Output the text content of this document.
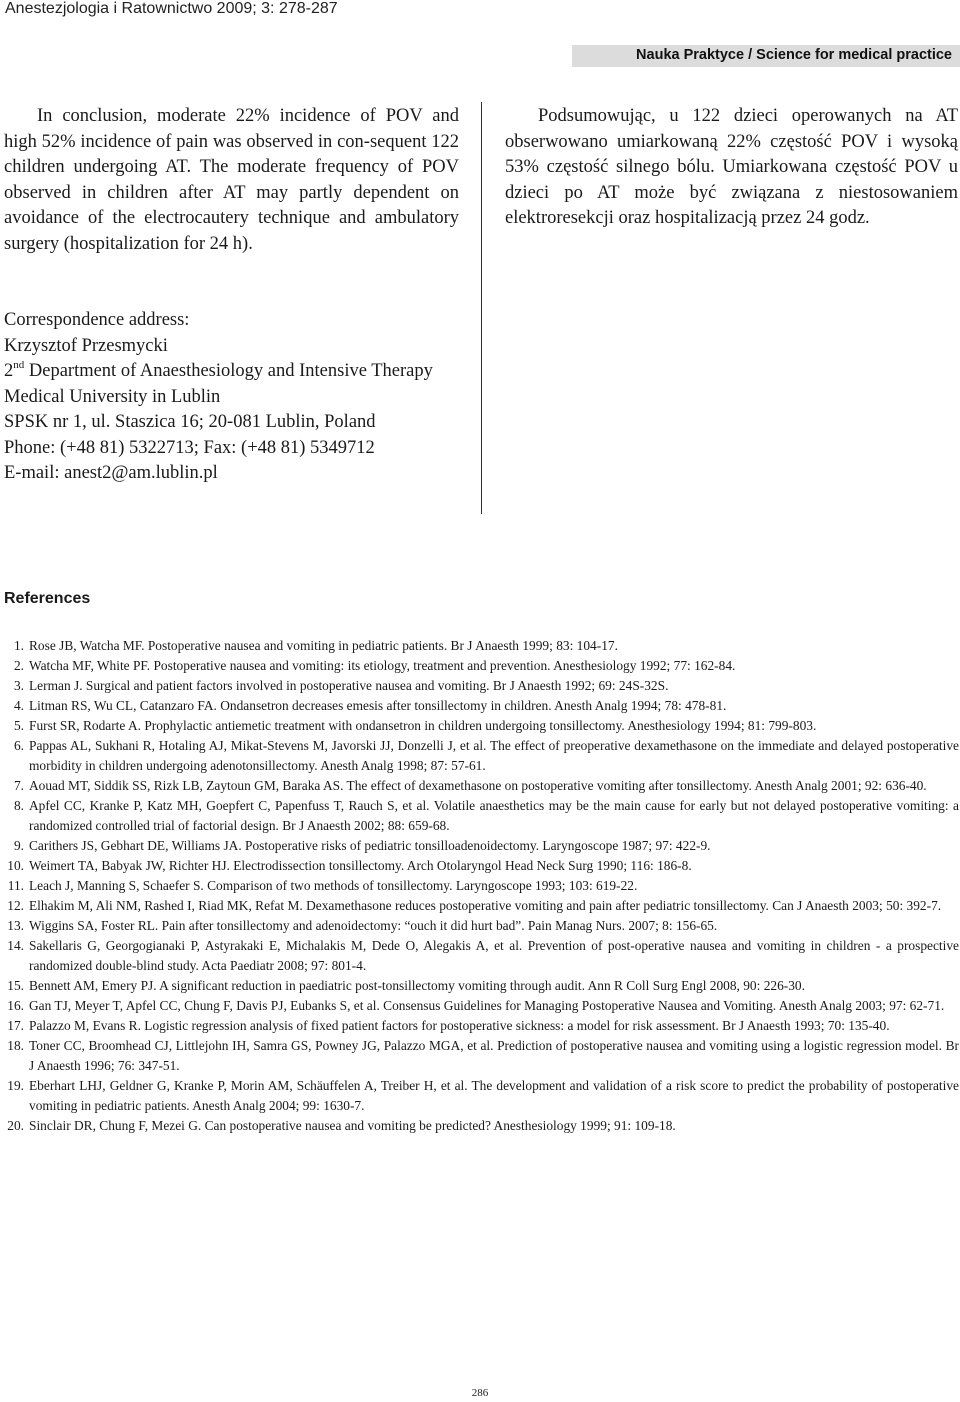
Anestezjologia i Ratownictwo 2009; 3: 278-287
Nauka Praktyce / Science for medical practice

In conclusion, moderate 22% incidence of POV and high 52% incidence of pain was observed in con-sequent 122 children undergoing AT. The moderate frequency of POV observed in children after AT may partly dependent on avoidance of the electrocautery technique and ambulatory surgery (hospitalization for 24 h).

Podsumowując, u 122 dzieci operowanych na AT obserwowano umiarkowaną 22% częstość POV i wysoką 53% częstość silnego bólu. Umiarkowana częstość POV u dzieci po AT może być związana z niestosowaniem elektroresekcji oraz hospitalizacją przez 24 godz.

Correspondence address:
Krzysztof Przesmycki
2nd Department of Anaesthesiology and Intensive Therapy
Medical University in Lublin
SPSK nr 1, ul. Staszica 16; 20-081 Lublin, Poland
Phone: (+48 81) 5322713; Fax: (+48 81) 5349712
E-mail: anest2@am.lublin.pl
References
1. Rose JB, Watcha MF. Postoperative nausea and vomiting in pediatric patients. Br J Anaesth 1999; 83: 104-17.
2. Watcha MF, White PF. Postoperative nausea and vomiting: its etiology, treatment and prevention. Anesthesiology 1992; 77: 162-84.
3. Lerman J. Surgical and patient factors involved in postoperative nausea and vomiting. Br J Anaesth 1992; 69: 24S-32S.
4. Litman RS, Wu CL, Catanzaro FA. Ondansetron decreases emesis after tonsillectomy in children. Anesth Analg 1994; 78: 478-81.
5. Furst SR, Rodarte A. Prophylactic antiemetic treatment with ondansetron in children undergoing tonsillectomy. Anesthesiology 1994; 81: 799-803.
6. Pappas AL, Sukhani R, Hotaling AJ, Mikat-Stevens M, Javorski JJ, Donzelli J, et al. The effect of preoperative dexamethasone on the immediate and delayed postoperative morbidity in children undergoing adenotonsillectomy. Anesth Analg 1998; 87: 57-61.
7. Aouad MT, Siddik SS, Rizk LB, Zaytoun GM, Baraka AS. The effect of dexamethasone on postoperative vomiting after tonsillectomy. Anesth Analg 2001; 92: 636-40.
8. Apfel CC, Kranke P, Katz MH, Goepfert C, Papenfuss T, Rauch S, et al. Volatile anaesthetics may be the main cause for early but not delayed postoperative vomiting: a randomized controlled trial of factorial design. Br J Anaesth 2002; 88: 659-68.
9. Carithers JS, Gebhart DE, Williams JA. Postoperative risks of pediatric tonsilloadenoidectomy. Laryngoscope 1987; 97: 422-9.
10. Weimert TA, Babyak JW, Richter HJ. Electrodissection tonsillectomy. Arch Otolaryngol Head Neck Surg 1990; 116: 186-8.
11. Leach J, Manning S, Schaefer S. Comparison of two methods of tonsillectomy. Laryngoscope 1993; 103: 619-22.
12. Elhakim M, Ali NM, Rashed I, Riad MK, Refat M. Dexamethasone reduces postoperative vomiting and pain after pediatric tonsillectomy. Can J Anaesth 2003; 50: 392-7.
13. Wiggins SA, Foster RL. Pain after tonsillectomy and adenoidectomy: “ouch it did hurt bad”. Pain Manag Nurs. 2007; 8: 156-65.
14. Sakellaris G, Georgogianaki P, Astyrakaki E, Michalakis M, Dede O, Alegakis A, et al. Prevention of post-operative nausea and vomiting in children - a prospective randomized double-blind study. Acta Paediatr 2008; 97: 801-4.
15. Bennett AM, Emery PJ. A significant reduction in paediatric post-tonsillectomy vomiting through audit. Ann R Coll Surg Engl 2008, 90: 226-30.
16. Gan TJ, Meyer T, Apfel CC, Chung F, Davis PJ, Eubanks S, et al. Consensus Guidelines for Managing Postoperative Nausea and Vomiting. Anesth Analg 2003; 97: 62-71.
17. Palazzo M, Evans R. Logistic regression analysis of fixed patient factors for postoperative sickness: a model for risk assessment. Br J Anaesth 1993; 70: 135-40.
18. Toner CC, Broomhead CJ, Littlejohn IH, Samra GS, Powney JG, Palazzo MGA, et al. Prediction of postoperative nausea and vomiting using a logistic regression model. Br J Anaesth 1996; 76: 347-51.
19. Eberhart LHJ, Geldner G, Kranke P, Morin AM, Schäuffelen A, Treiber H, et al. The development and validation of a risk score to predict the probability of postoperative vomiting in pediatric patients. Anesth Analg 2004; 99: 1630-7.
20. Sinclair DR, Chung F, Mezei G. Can postoperative nausea and vomiting be predicted? Anesthesiology 1999; 91: 109-18.
286
